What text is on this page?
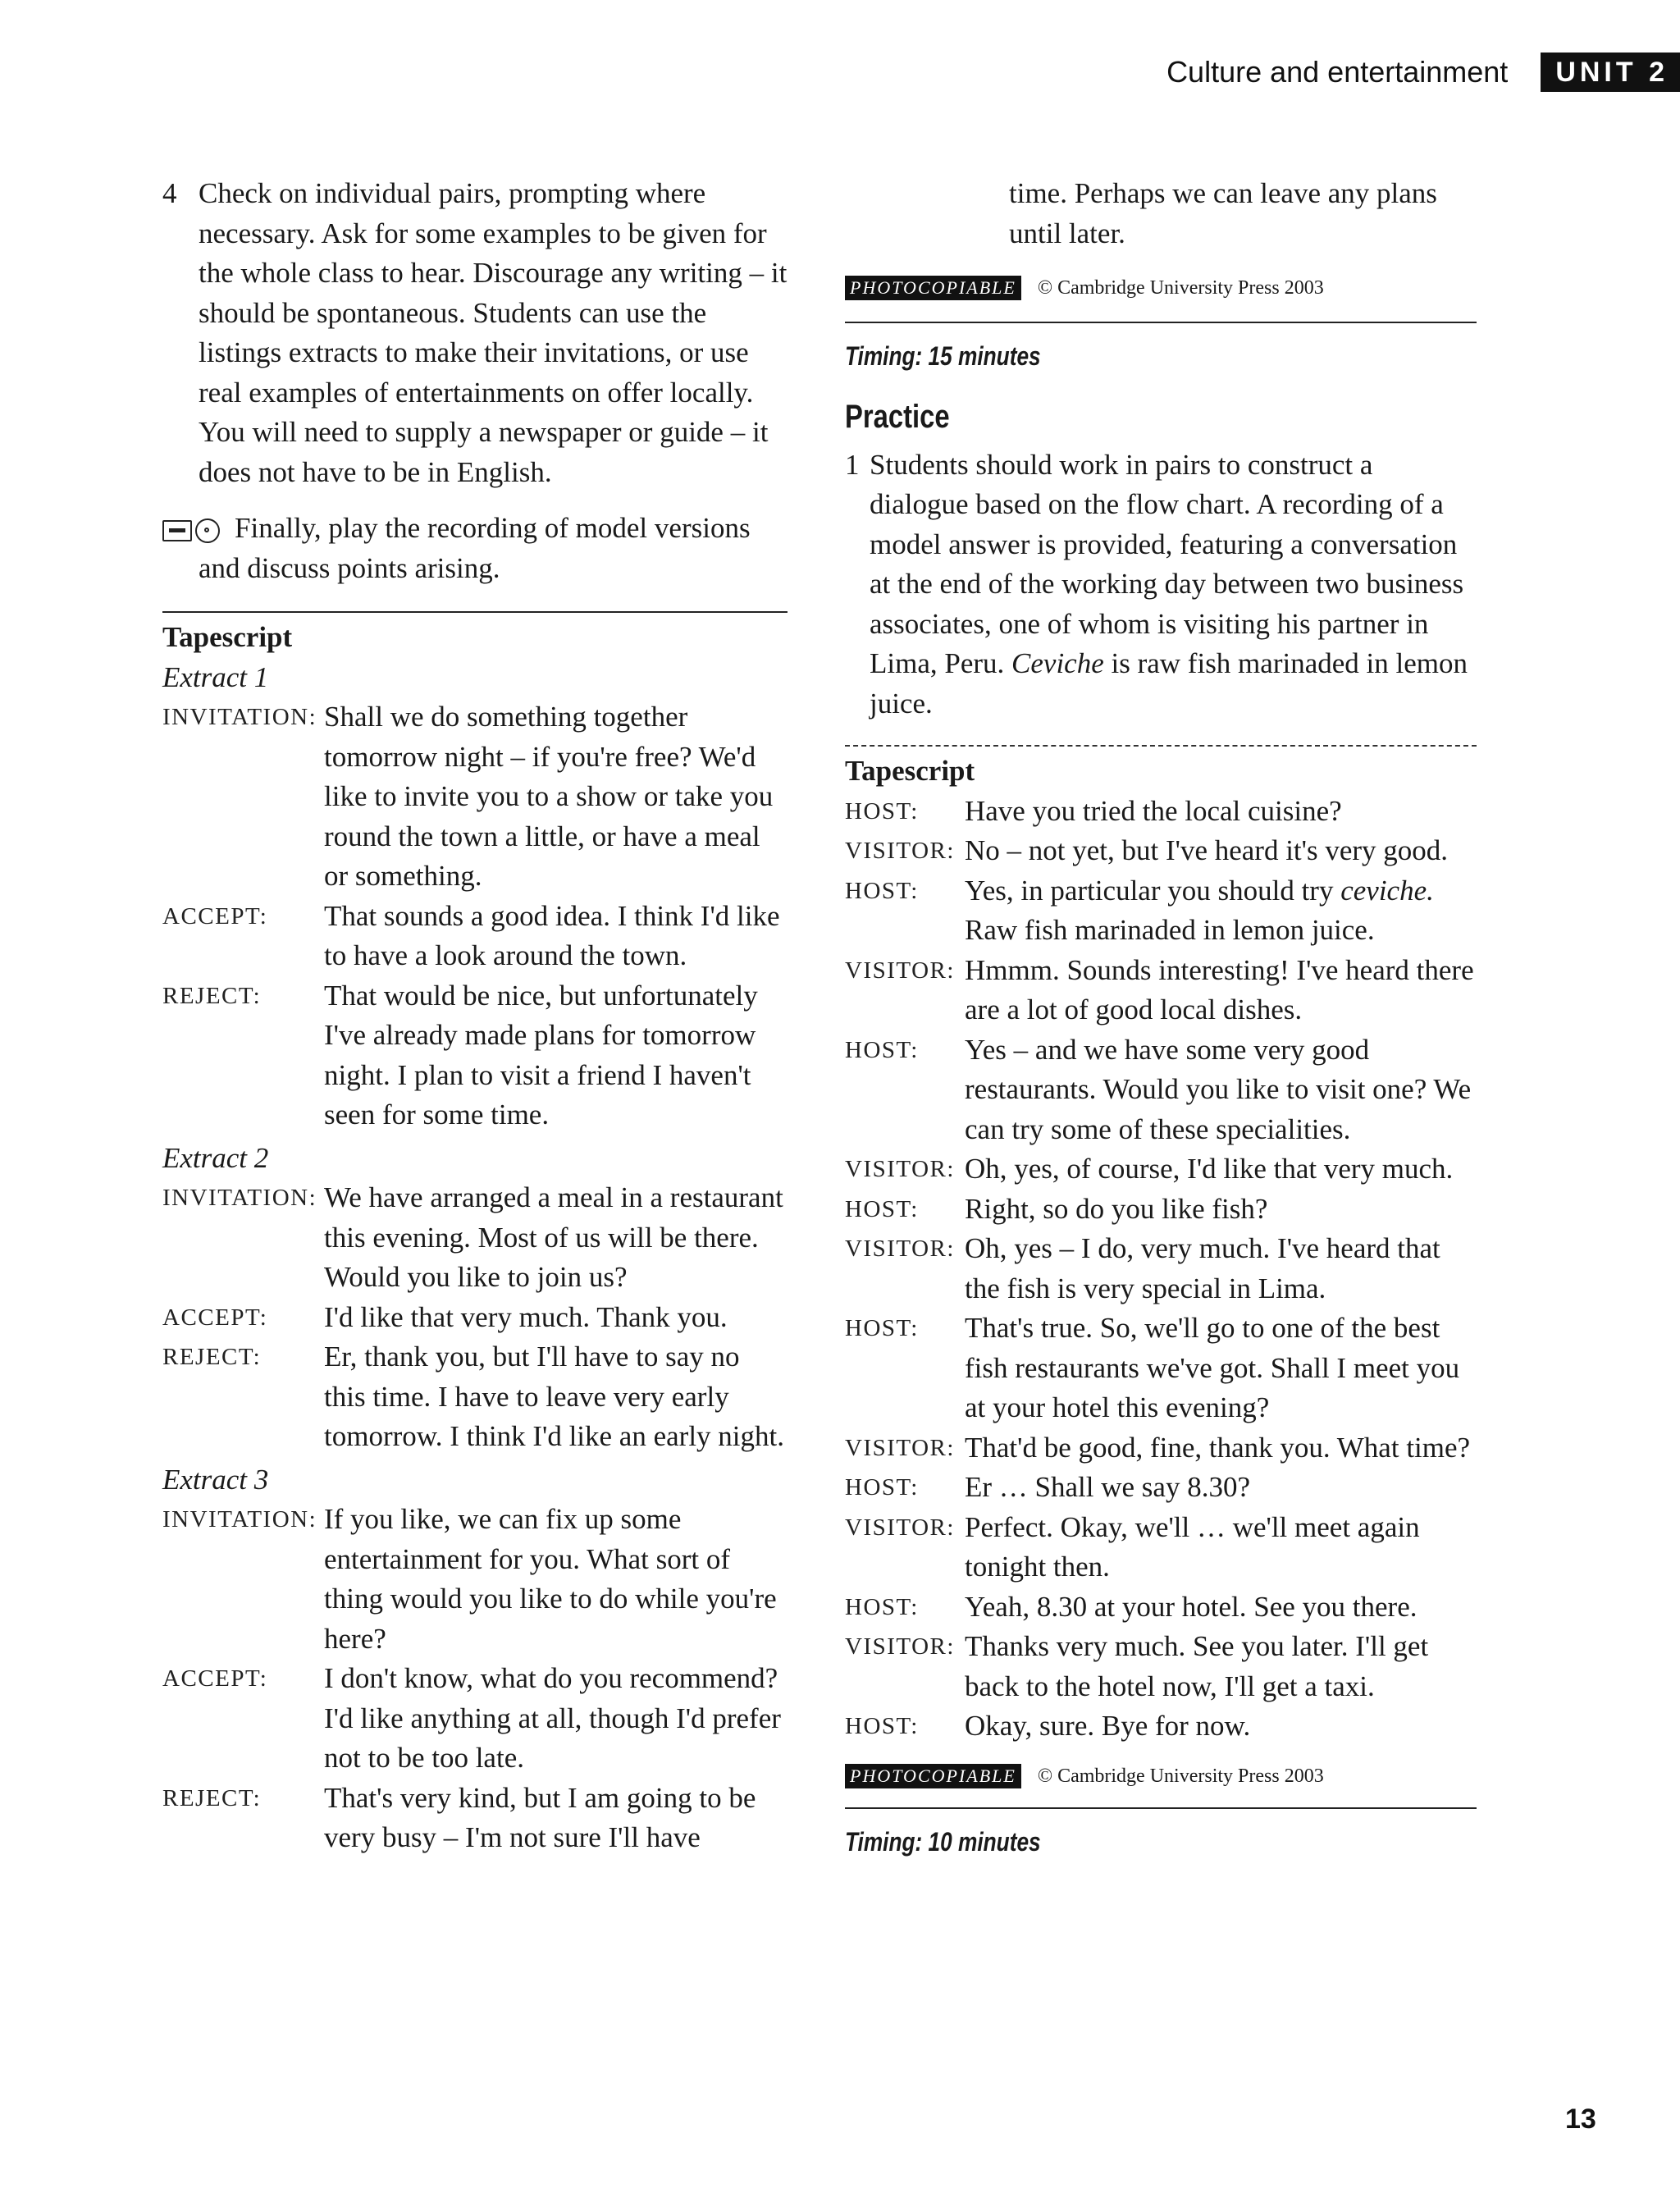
Culture and entertainment	UNIT 2
4 Check on individual pairs, prompting where necessary. Ask for some examples to be given for the whole class to hear. Discourage any writing – it should be spontaneous. Students can use the listings extracts to make their invitations, or use real examples of entertainments on offer locally. You will need to supply a newspaper or guide – it does not have to be in English.

Finally, play the recording of model versions and discuss points arising.

Tapescript

Extract 1

INVITATION: Shall we do something together tomorrow night – if you're free? We'd like to invite you to a show or take you round the town a little, or have a meal or something.
ACCEPT:	That sounds a good idea. I think I'd like to have a look around the town.
REJECT:	That would be nice, but unfortunately I've already made plans for tomorrow night. I plan to visit a friend I haven't seen for some time.

Extract 2

INVITATION: We have arranged a meal in a restaurant this evening. Most of us will be there. Would you like to join us?
ACCEPT:	I'd like that very much. Thank you.
REJECT:	Er, thank you, but I'll have to say no this time. I have to leave very early tomorrow. I think I'd like an early night.

Extract 3

INVITATION: If you like, we can fix up some entertainment for you. What sort of thing would you like to do while you're here?
ACCEPT:	I don't know, what do you recommend? I'd like anything at all, though I'd prefer not to be too late.
REJECT:	That's very kind, but I am going to be very busy – I'm not sure I'll have

time. Perhaps we can leave any plans until later.

PHOTOCOPIABLE © Cambridge University Press 2003
Timing: 15 minutes
Practice
1 Students should work in pairs to construct a dialogue based on the flow chart. A recording of a model answer is provided, featuring a conversation at the end of the working day between two business associates, one of whom is visiting his partner in Lima, Peru. Ceviche is raw fish marinaded in lemon juice.

Tapescript

HOST:	Have you tried the local cuisine?
VISITOR: No – not yet, but I've heard it's very good.
HOST:	Yes, in particular you should try ceviche. Raw fish marinaded in lemon juice.
VISITOR: Hmmm. Sounds interesting! I've heard there are a lot of good local dishes.
HOST:	Yes – and we have some very good restaurants. Would you like to visit one? We can try some of these specialities.
VISITOR: Oh, yes, of course, I'd like that very much.
HOST:	Right, so do you like fish?
VISITOR: Oh, yes – I do, very much. I've heard that the fish is very special in Lima.
HOST:	That's true. So, we'll go to one of the best fish restaurants we've got. Shall I meet you at your hotel this evening?
VISITOR: That'd be good, fine, thank you. What time?
HOST:	Er … Shall we say 8.30?
VISITOR: Perfect. Okay, we'll … we'll meet again tonight then.
HOST:	Yeah, 8.30 at your hotel. See you there.
VISITOR: Thanks very much. See you later. I'll get back to the hotel now, I'll get a taxi.
HOST:	Okay, sure. Bye for now.
PHOTOCOPIABLE © Cambridge University Press 2003
Timing: 10 minutes
13
